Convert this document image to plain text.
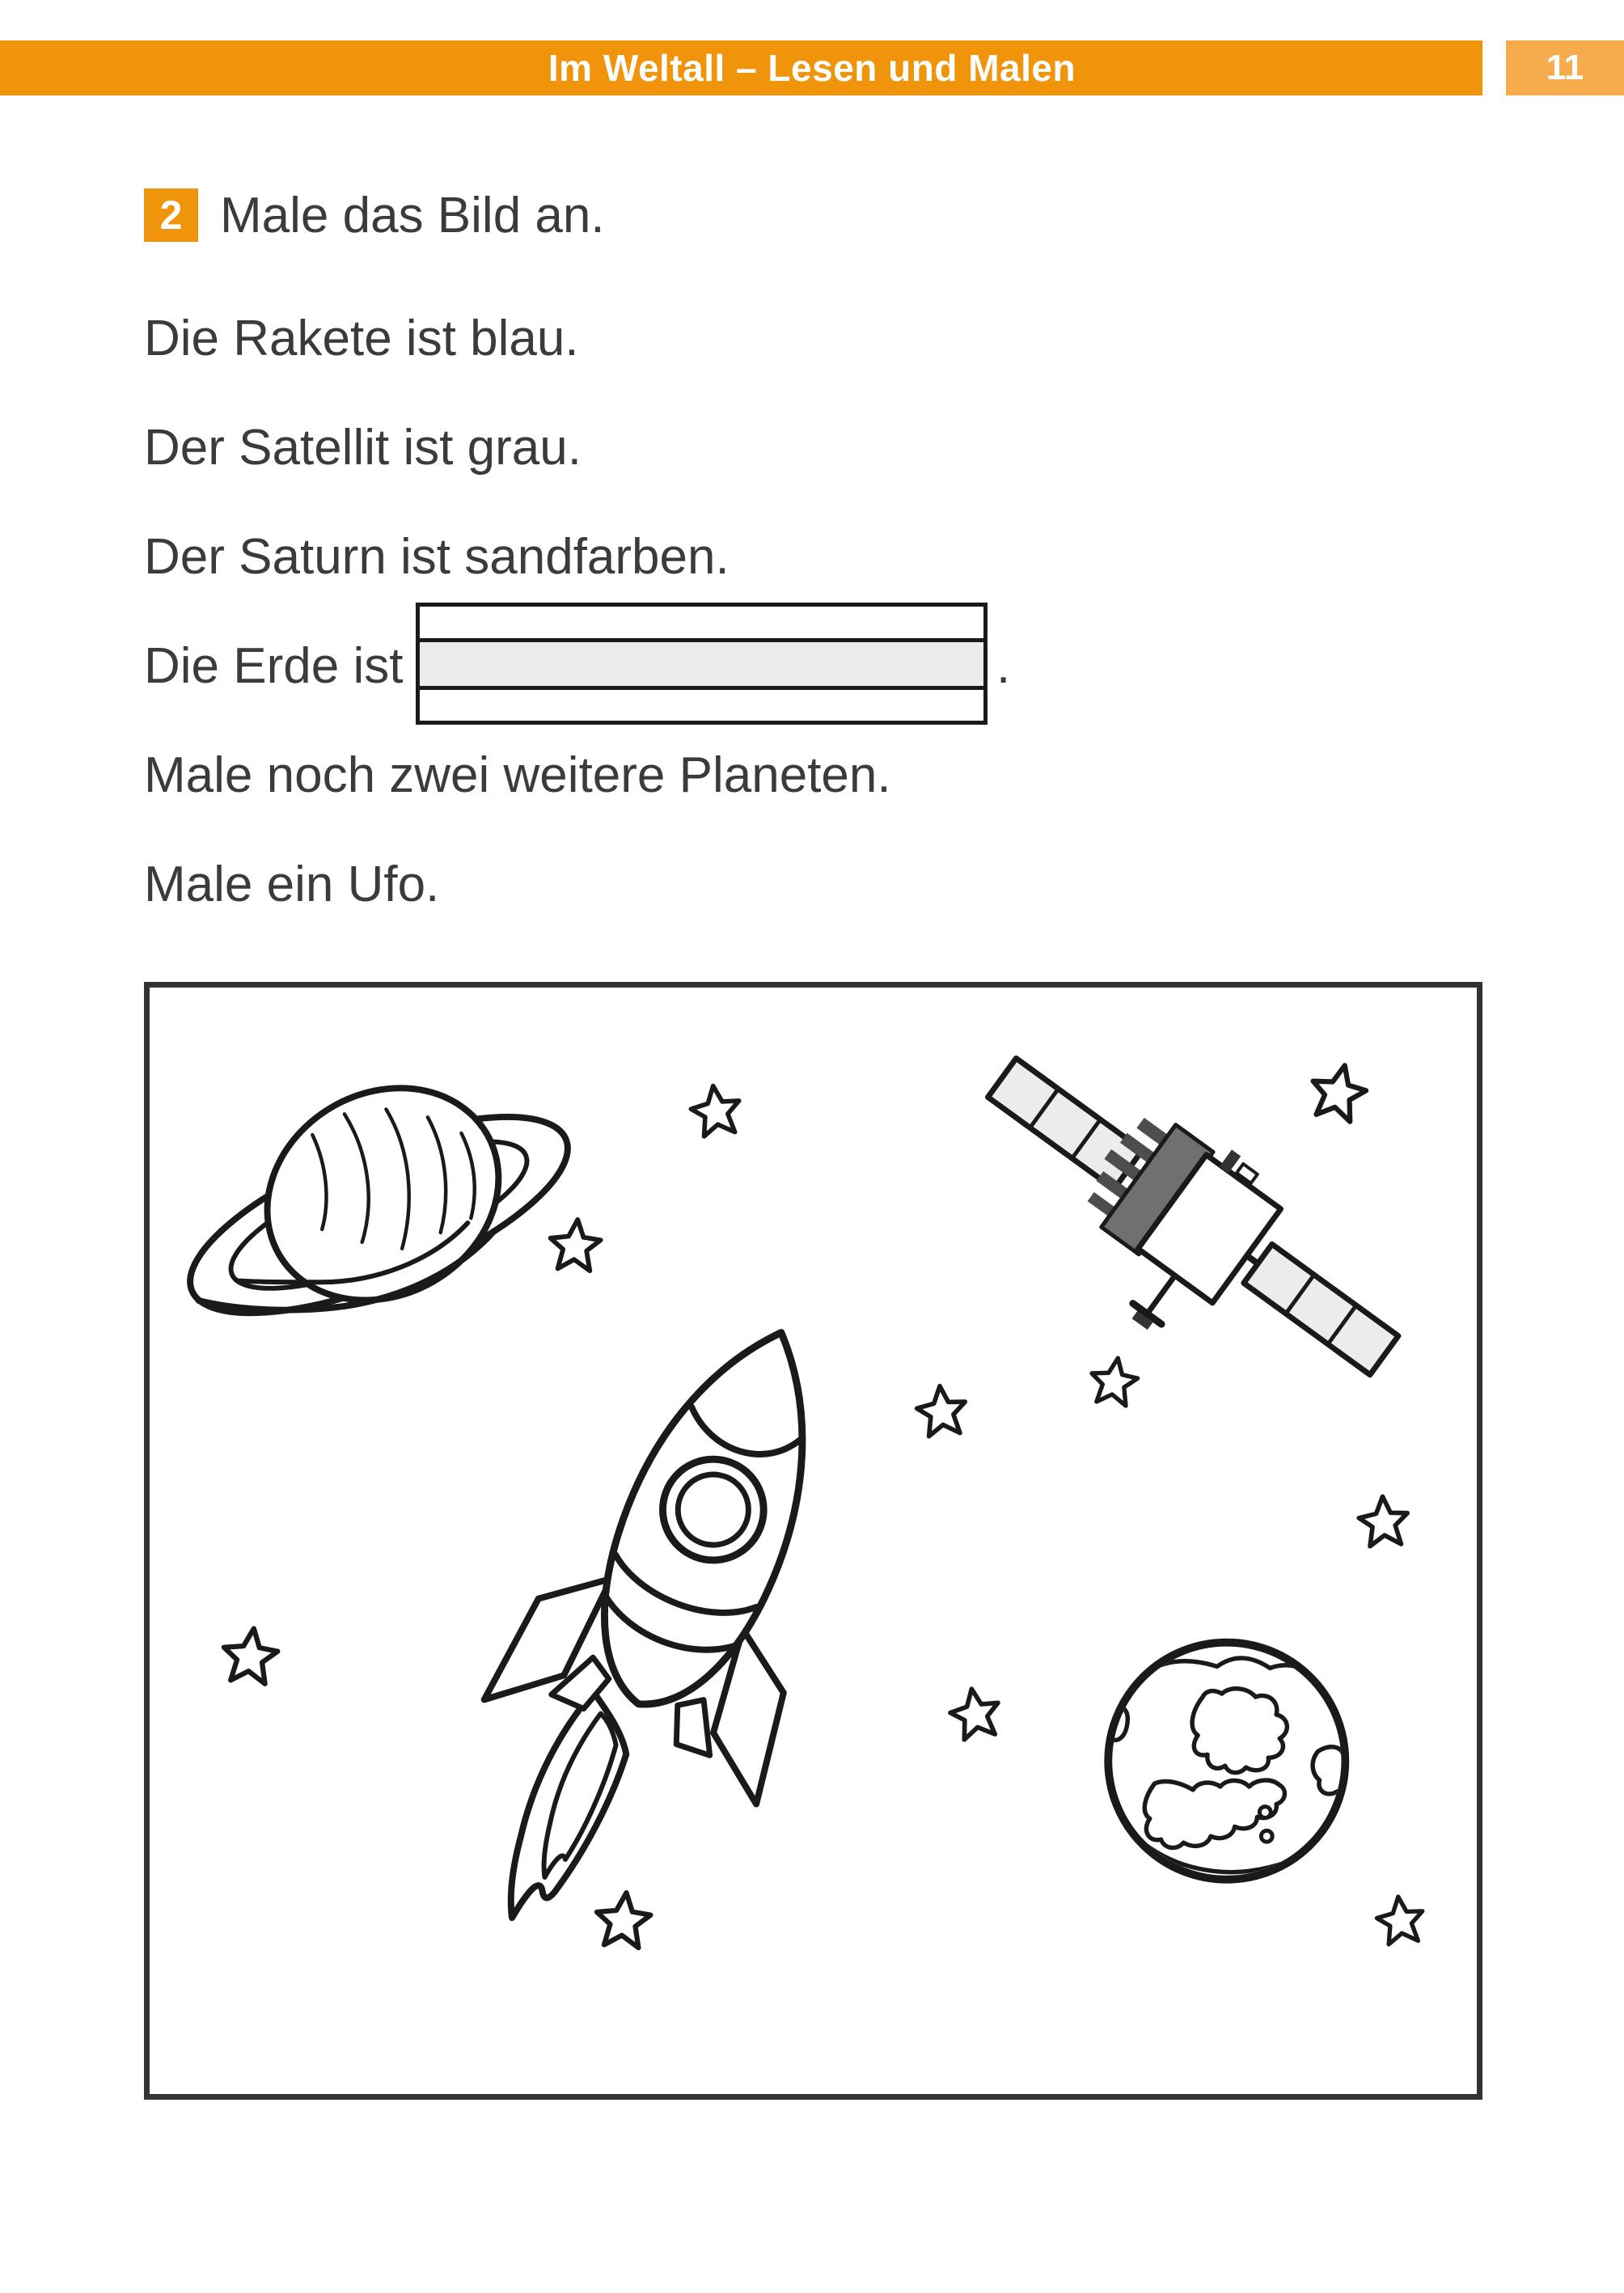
Im Weltall – Lesen und Malen	11
2 Male das Bild an.
Die Rakete ist blau.
Der Satellit ist grau.
Der Saturn ist sandfarben.
Die Erde ist	.
Male noch zwei weitere Planeten.
Male ein Ufo.
